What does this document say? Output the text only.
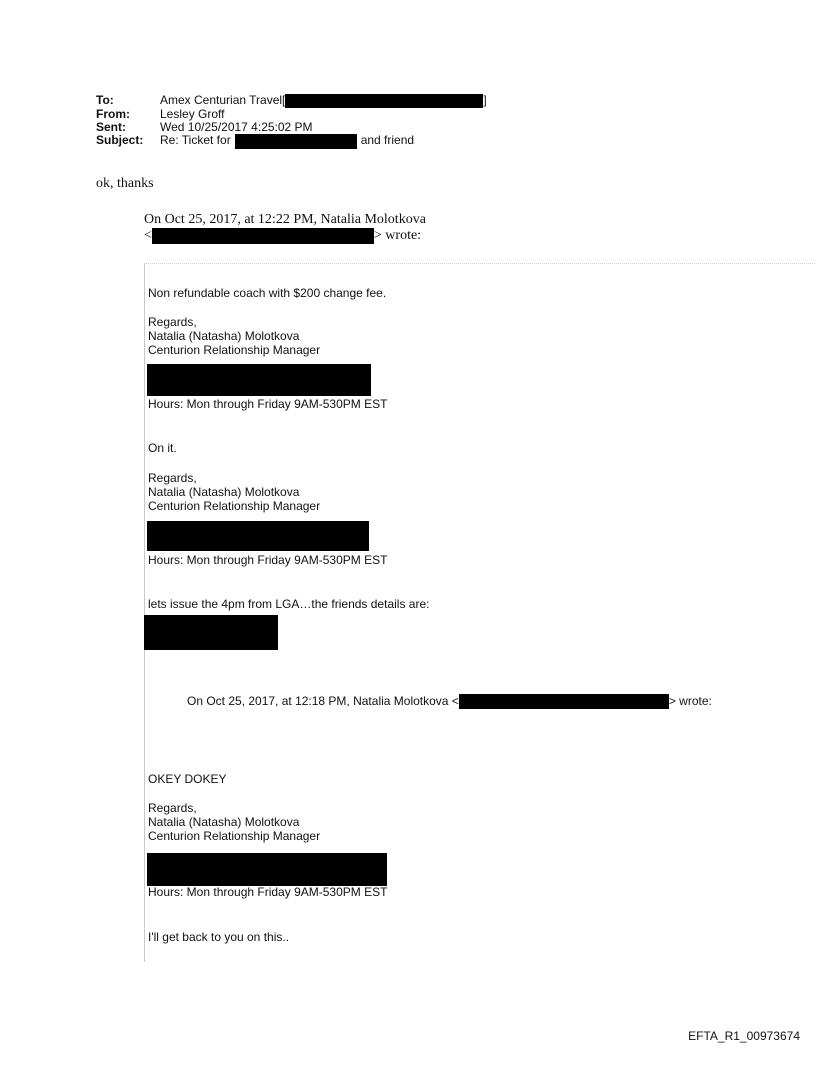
To:	Amex Centurian Travel[	]
From:	Lesley Groff
Sent:	Wed 10/25/2017 4:25:02 PM
Subject:	Re: Ticket for	and friend
ok, thanks
On Oct 25, 2017, at 12:22 PM, Natalia Molotkova
<	> wrote:

Non refundable coach with $200 change fee.

Regards,

Natalia (Natasha) Molotkova

Centurion Relationship Manager

Hours: Mon through Friday 9AM-530PM EST

On it.

Regards,

Natalia (Natasha) Molotkova

Centurion Relationship Manager

Hours: Mon through Friday 9AM-530PM EST

lets issue the 4pm from LGA…the friends details are:

On Oct 25, 2017, at 12:18 PM, Natalia Molotkova <	> wrote:

OKEY DOKEY

Regards,

Natalia (Natasha) Molotkova

Centurion Relationship Manager

Hours: Mon through Friday 9AM-530PM EST

I'll get back to you on this..

EFTA_R1_00973674
